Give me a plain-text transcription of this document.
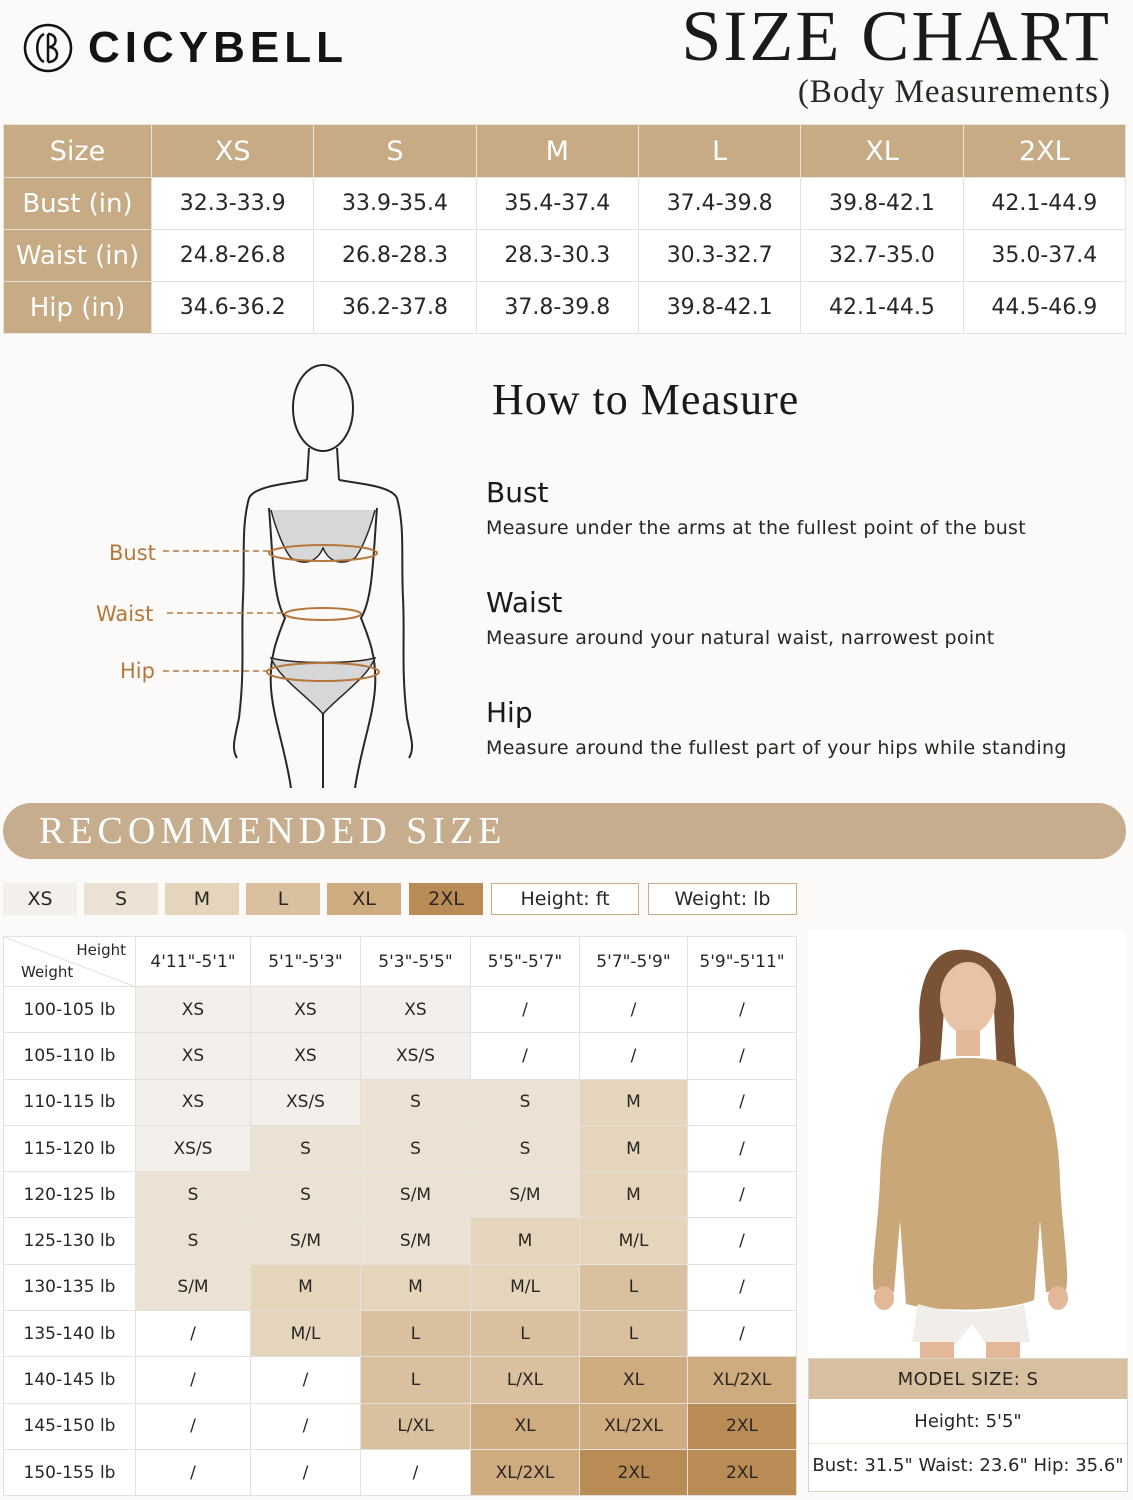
CICYBELL	SIZE CHART
(Body Measurements)
Size	XS	S	M	L	XL	2XL
Bust (in)	32.3-33.9	33.9-35.4	35.4-37.4	37.4-39.8	39.8-42.1	42.1-44.9
Waist (in)	24.8-26.8	26.8-28.3	28.3-30.3	30.3-32.7	32.7-35.0	35.0-37.4
Hip (in)	34.6-36.2	36.2-37.8	37.8-39.8	39.8-42.1	42.1-44.5	44.5-46.9
Bust
Waist
Hip
How to Measure
Bust

Measure under the arms at the fullest point of the bust

Waist

Measure around your natural waist, narrowest point

Hip

Measure around the fullest part of your hips while standing

RECOMMENDED SIZE
XS	S	M	L	XL	2XL	Height: ft	Weight: lb
Height
Weight	4'11"-5'1"	5'1"-5'3"	5'3"-5'5"	5'5"-5'7"	5'7"-5'9"	5'9"-5'11"
100-105 lb	XS	XS	XS	/	/	/
105-110 lb	XS	XS	XS/S	/	/	/
110-115 lb	XS	XS/S	S	S	M	/
115-120 lb	XS/S	S	S	S	M	/
120-125 lb	S	S	S/M	S/M	M	/
125-130 lb	S	S/M	S/M	M	M/L	/
130-135 lb	S/M	M	M	M/L	L	/
135-140 lb	/	M/L	L	L	L	/
140-145 lb	/	/	L	L/XL	XL	XL/2XL
145-150 lb	/	/	L/XL	XL	XL/2XL	2XL
150-155 lb	/	/	/	XL/2XL	2XL	2XL
MODEL SIZE: S
Height: 5'5"
Bust: 31.5" Waist: 23.6" Hip: 35.6"
